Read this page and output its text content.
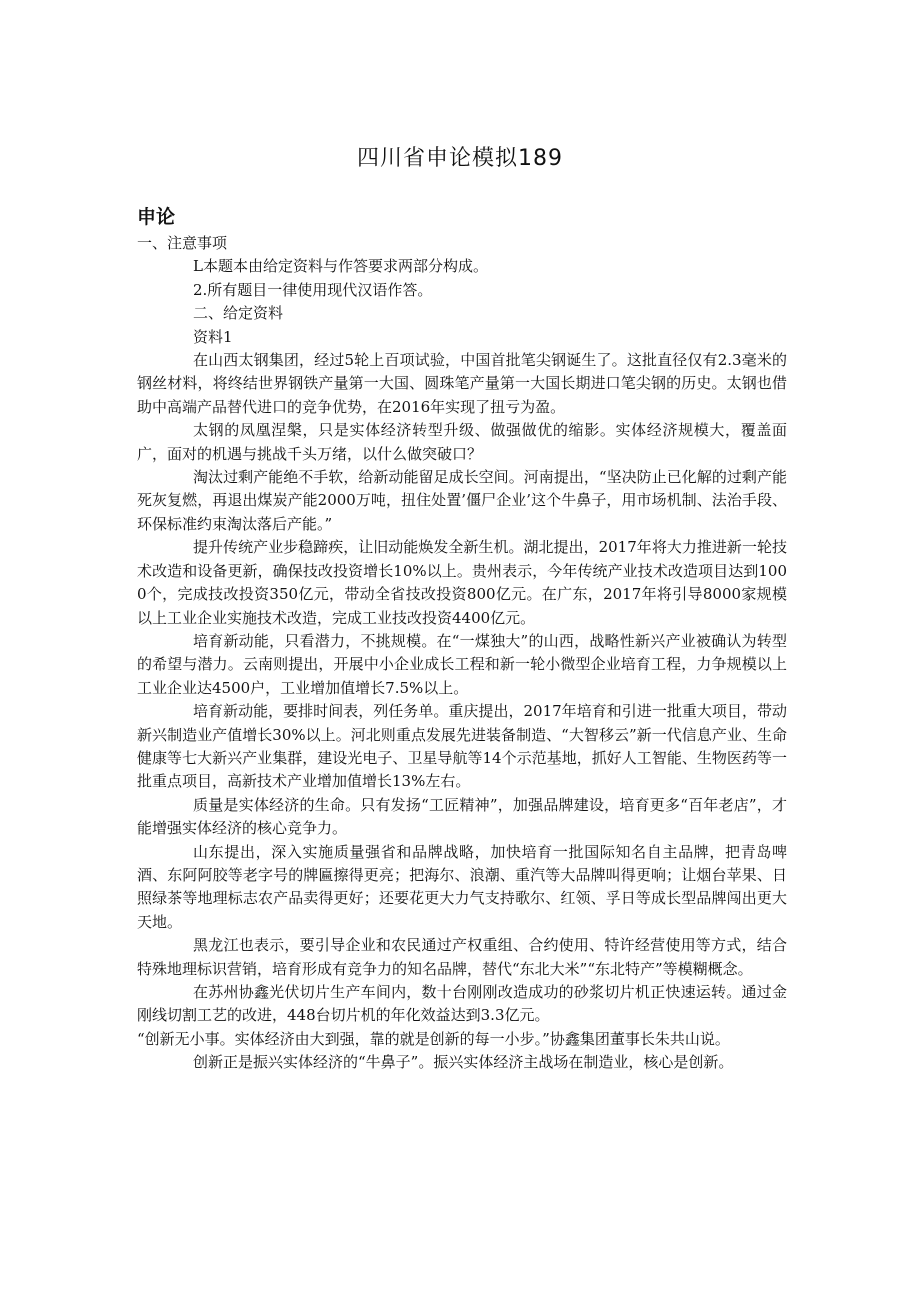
四川省申论模拟189
申论

一、注意事项

L本题本由给定资料与作答要求两部分构成。

2.所有题目一律使用现代汉语作答。

二、给定资料

资料1

在山西太钢集团，经过5轮上百项试验，中国首批笔尖钢诞生了。这批直径仅有2.3毫米的钢丝材料，将终结世界钢铁产量第一大国、圆珠笔产量第一大国长期进口笔尖钢的历史。太钢也借助中高端产品替代进口的竞争优势，在2016年实现了扭亏为盈。

太钢的凤凰涅槃，只是实体经济转型升级、做强做优的缩影。实体经济规模大，覆盖面广，面对的机遇与挑战千头万绪，以什么做突破口？

淘汰过剩产能绝不手软，给新动能留足成长空间。河南提出，“坚决防止已化解的过剩产能死灰复燃，再退出煤炭产能2000万吨，扭住处置’僵尸企业’这个牛鼻子，用市场机制、法治手段、环保标准约束淘汰落后产能。”

提升传统产业步稳蹄疾，让旧动能焕发全新生机。湖北提出，2017年将大力推进新一轮技术改造和设备更新，确保技改投资增长10%以上。贵州表示，今年传统产业技术改造项目达到1000个，完成技改投资350亿元，带动全省技改投资800亿元。在广东，2017年将引导8000家规模以上工业企业实施技术改造，完成工业技改投资4400亿元。

培育新动能，只看潜力，不挑规模。在“一煤独大”的山西，战略性新兴产业被确认为转型的希望与潜力。云南则提出，开展中小企业成长工程和新一轮小微型企业培育工程，力争规模以上工业企业达4500户，工业增加值增长7.5%以上。

培育新动能，要排时间表，列任务单。重庆提出，2017年培育和引进一批重大项目，带动新兴制造业产值增长30%以上。河北则重点发展先进装备制造、“大智移云”新一代信息产业、生命健康等七大新兴产业集群，建设光电子、卫星导航等14个示范基地，抓好人工智能、生物医药等一批重点项目，高新技术产业增加值增长13%左右。

质量是实体经济的生命。只有发扬“工匠精神”，加强品牌建设，培育更多“百年老店”，才能增强实体经济的核心竞争力。

山东提出，深入实施质量强省和品牌战略，加快培育一批国际知名自主品牌，把青岛啤酒、东阿阿胶等老字号的牌匾擦得更亮；把海尔、浪潮、重汽等大品牌叫得更响；让烟台苹果、日照绿茶等地理标志农产品卖得更好；还要花更大力气支持歌尔、红领、孚日等成长型品牌闯出更大天地。

黑龙江也表示，要引导企业和农民通过产权重组、合约使用、特许经营使用等方式，结合特殊地理标识营销，培育形成有竞争力的知名品牌，替代“东北大米”“东北特产”等模糊概念。

在苏州协鑫光伏切片生产车间内，数十台刚刚改造成功的砂浆切片机正快速运转。通过金刚线切割工艺的改进，448台切片机的年化效益达到3.3亿元。

“创新无小事。实体经济由大到强，靠的就是创新的每一小步。”协鑫集团董事长朱共山说。

创新正是振兴实体经济的“牛鼻子”。振兴实体经济主战场在制造业，核心是创新。
